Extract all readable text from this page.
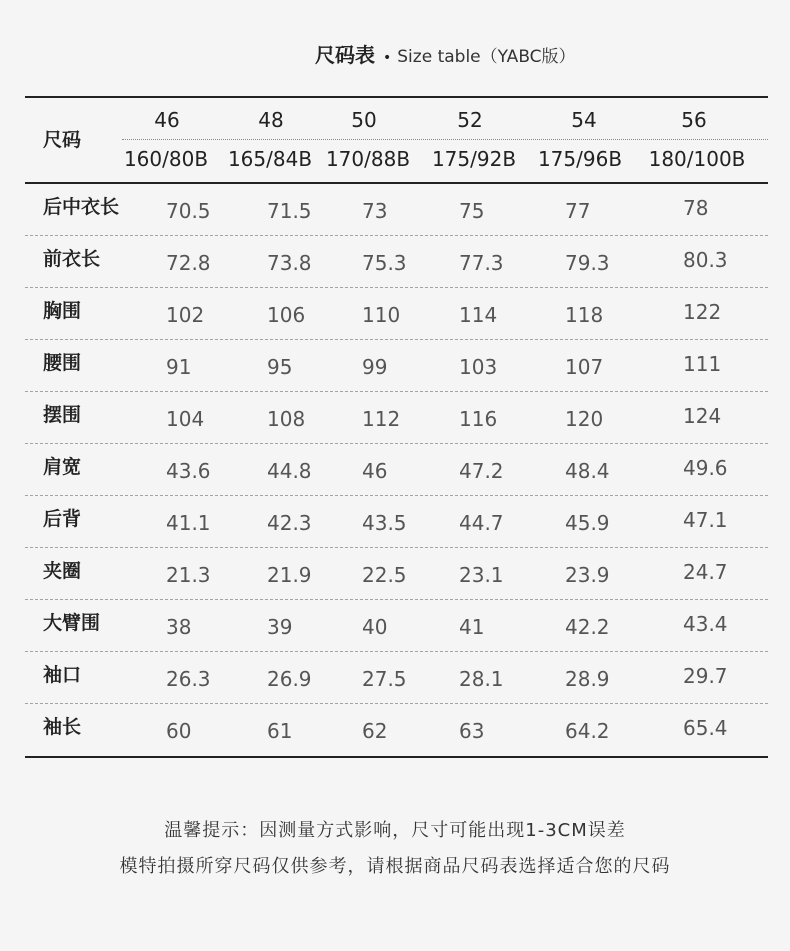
尺码表 • Size table（YABC版）
尺码
46	48	50	52	54	56
160/80B 165/84B 170/88B	175/92B	175/96B	180/100B
后中衣长 70.5	71.5	73	75	77	78
前衣长	72.8	73.8	75.3	77.3	79.3	80.3
胸围	102	106	110	114	118	122
腰围	91	95	99	103	107	111
摆围	104	108	112	116	120	124
肩宽	43.6	44.8	46	47.2	48.4	49.6
后背	41.1	42.3	43.5	44.7	45.9	47.1
夹圈	21.3	21.9	22.5	23.1	23.9	24.7
大臂围	38	39	40	41	42.2	43.4
袖口	26.3	26.9	27.5	28.1	28.9	29.7
袖长	60	61	62	63	64.2	65.4
温馨提示：因测量方式影响，尺寸可能出现1-3CM误差
模特拍摄所穿尺码仅供参考，请根据商品尺码表选择适合您的尺码
